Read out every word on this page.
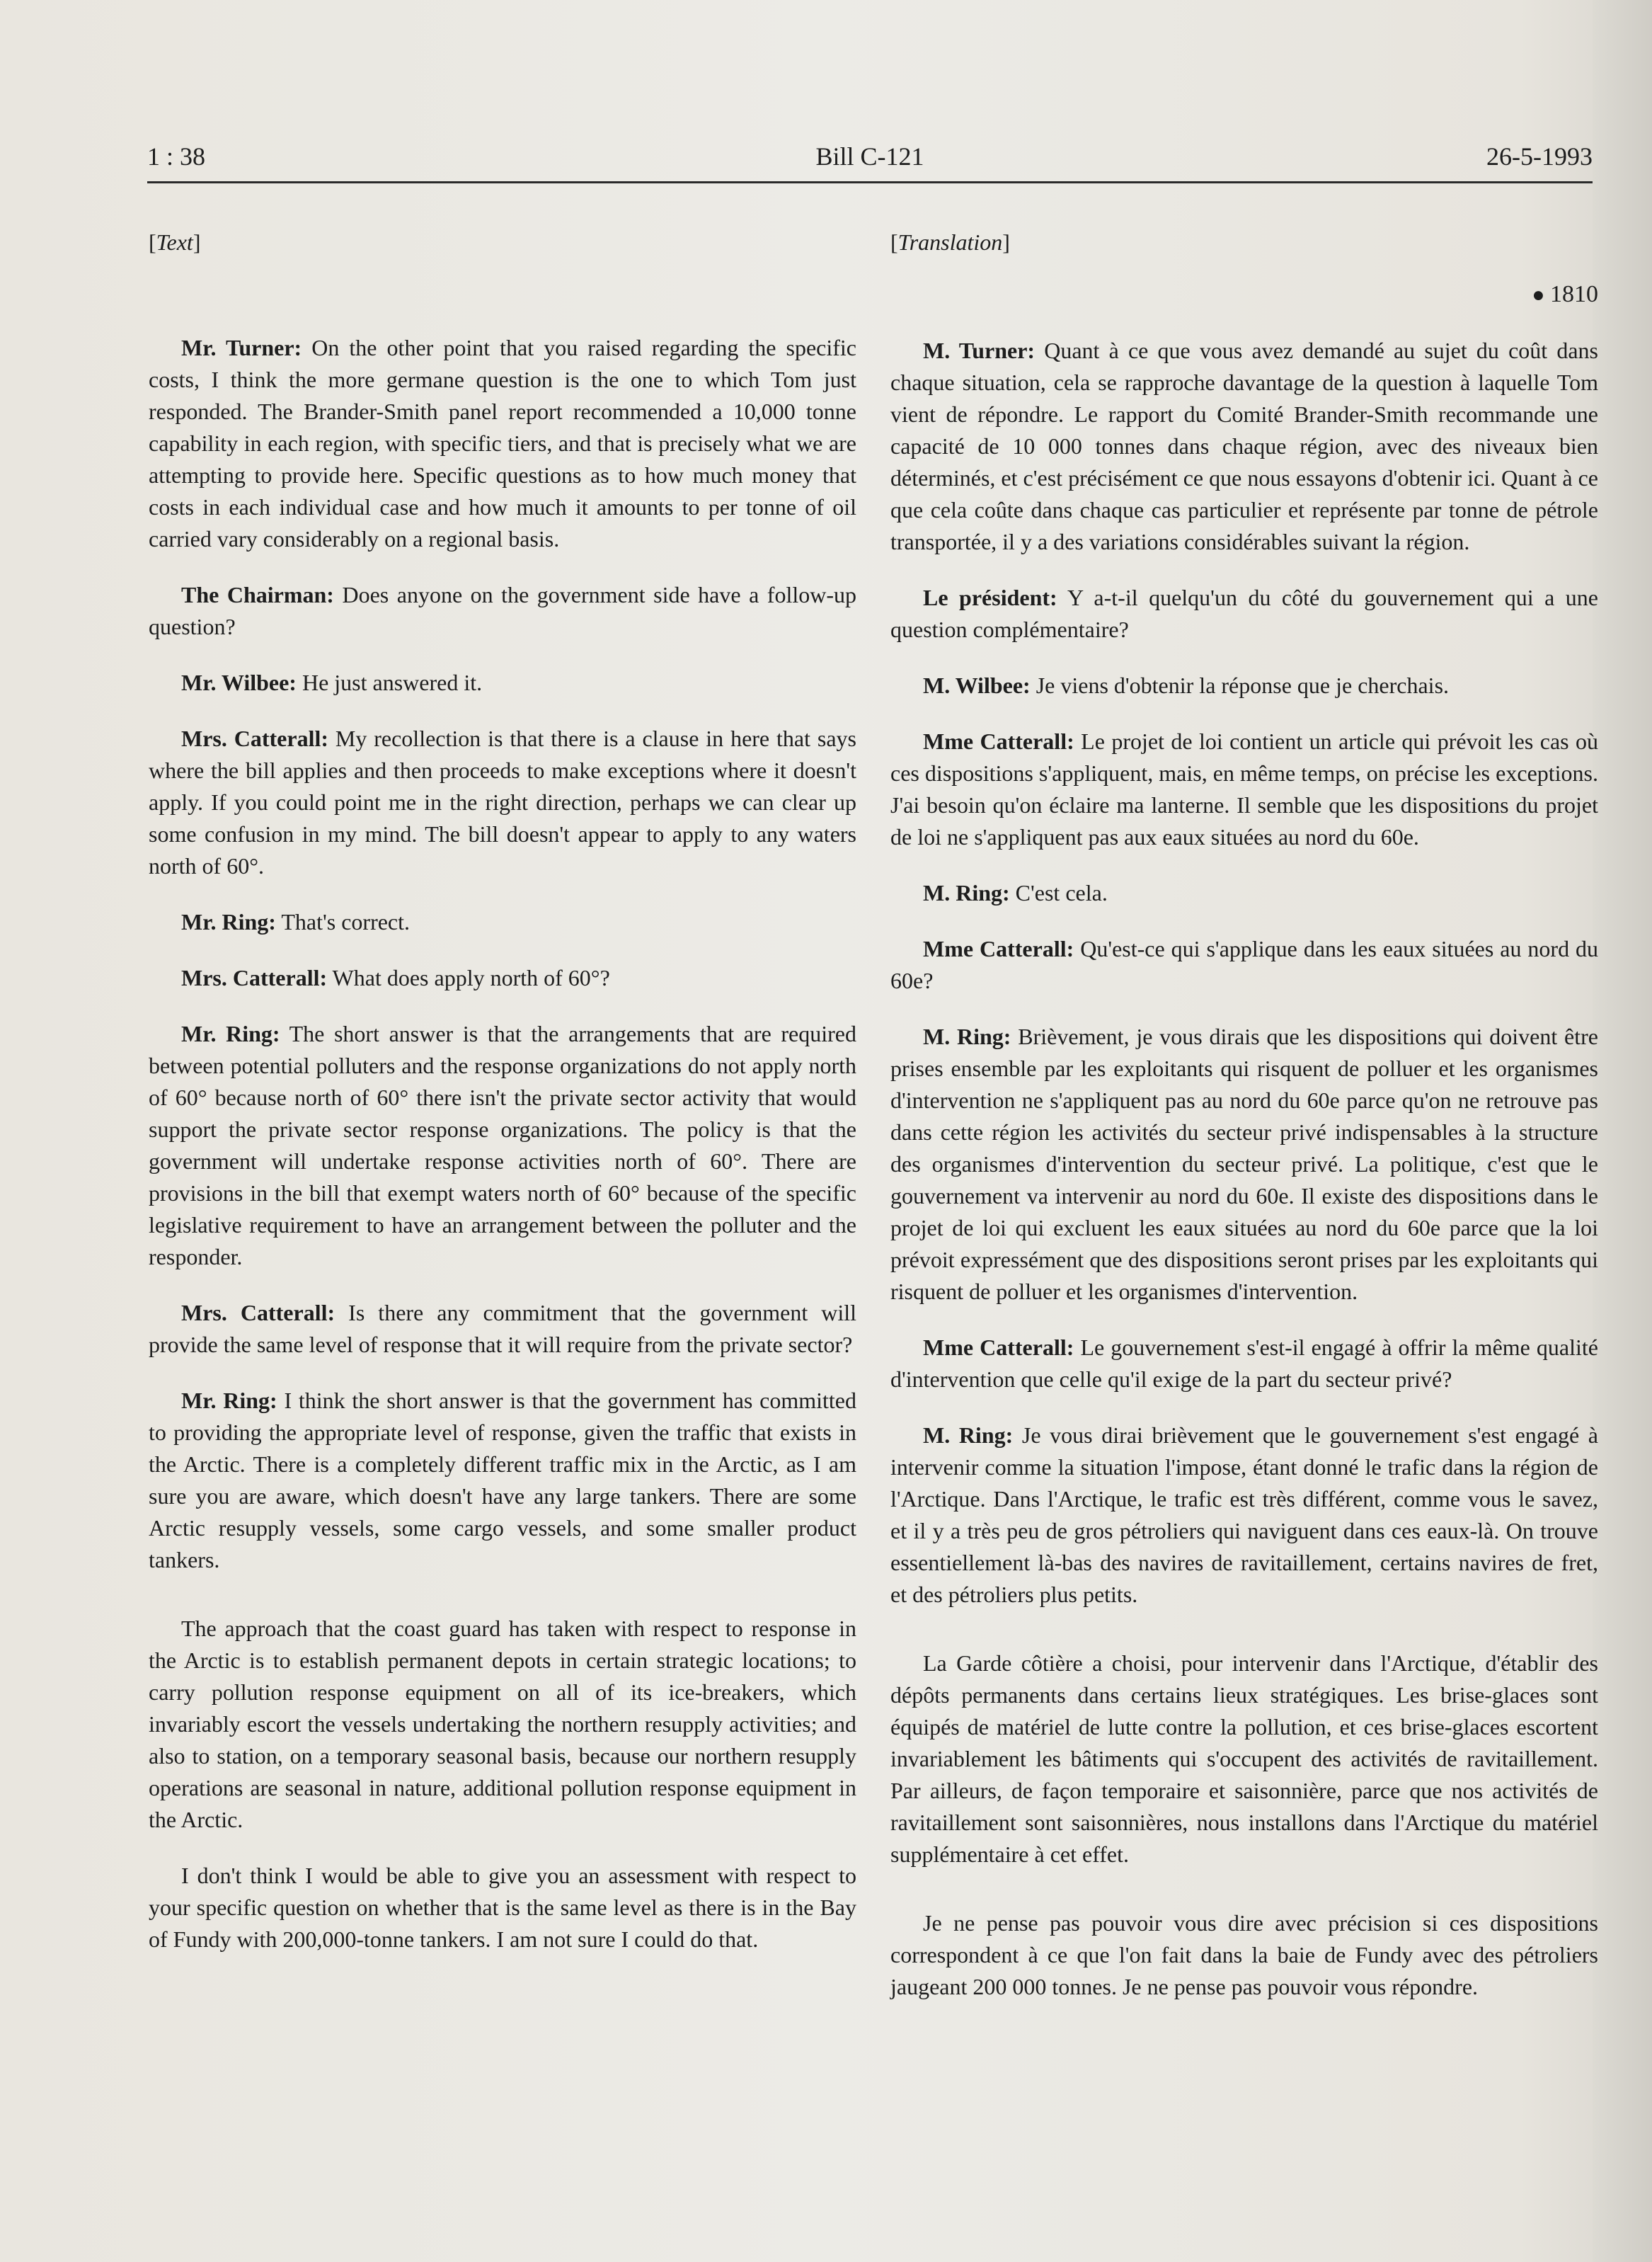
1 : 38	Bill C-121	26-5-1993
[Text]

Mr. Turner: On the other point that you raised regarding the specific costs, I think the more germane question is the one to which Tom just responded. The Brander-Smith panel report recommended a 10,000 tonne capability in each region, with specific tiers, and that is precisely what we are attempting to provide here. Specific questions as to how much money that costs in each individual case and how much it amounts to per tonne of oil carried vary considerably on a regional basis.

The Chairman: Does anyone on the government side have a follow-up question?

Mr. Wilbee: He just answered it.

Mrs. Catterall: My recollection is that there is a clause in here that says where the bill applies and then proceeds to make exceptions where it doesn't apply. If you could point me in the right direction, perhaps we can clear up some confusion in my mind. The bill doesn't appear to apply to any waters north of 60°.

Mr. Ring: That's correct.

Mrs. Catterall: What does apply north of 60°?

Mr. Ring: The short answer is that the arrangements that are required between potential polluters and the response organizations do not apply north of 60° because north of 60° there isn't the private sector activity that would support the private sector response organizations. The policy is that the government will undertake response activities north of 60°. There are provisions in the bill that exempt waters north of 60° because of the specific legislative requirement to have an arrangement between the polluter and the responder.

Mrs. Catterall: Is there any commitment that the government will provide the same level of response that it will require from the private sector?

Mr. Ring: I think the short answer is that the government has committed to providing the appropriate level of response, given the traffic that exists in the Arctic. There is a completely different traffic mix in the Arctic, as I am sure you are aware, which doesn't have any large tankers. There are some Arctic resupply vessels, some cargo vessels, and some smaller product tankers.

The approach that the coast guard has taken with respect to response in the Arctic is to establish permanent depots in certain strategic locations; to carry pollution response equipment on all of its ice-breakers, which invariably escort the vessels undertaking the northern resupply activities; and also to station, on a temporary seasonal basis, because our northern resupply operations are seasonal in nature, additional pollution response equipment in the Arctic.

I don't think I would be able to give you an assessment with respect to your specific question on whether that is the same level as there is in the Bay of Fundy with 200,000-tonne tankers. I am not sure I could do that.

[Translation]
● 1810

M. Turner: Quant à ce que vous avez demandé au sujet du coût dans chaque situation, cela se rapproche davantage de la question à laquelle Tom vient de répondre. Le rapport du Comité Brander-Smith recommande une capacité de 10 000 tonnes dans chaque région, avec des niveaux bien déterminés, et c'est précisément ce que nous essayons d'obtenir ici. Quant à ce que cela coûte dans chaque cas particulier et représente par tonne de pétrole transportée, il y a des variations considérables suivant la région.

Le président: Y a-t-il quelqu'un du côté du gouvernement qui a une question complémentaire?

M. Wilbee: Je viens d'obtenir la réponse que je cherchais.

Mme Catterall: Le projet de loi contient un article qui prévoit les cas où ces dispositions s'appliquent, mais, en même temps, on précise les exceptions. J'ai besoin qu'on éclaire ma lanterne. Il semble que les dispositions du projet de loi ne s'appliquent pas aux eaux situées au nord du 60e.

M. Ring: C'est cela.

Mme Catterall: Qu'est-ce qui s'applique dans les eaux situées au nord du 60e?

M. Ring: Brièvement, je vous dirais que les dispositions qui doivent être prises ensemble par les exploitants qui risquent de polluer et les organismes d'intervention ne s'appliquent pas au nord du 60e parce qu'on ne retrouve pas dans cette région les activités du secteur privé indispensables à la structure des organismes d'intervention du secteur privé. La politique, c'est que le gouvernement va intervenir au nord du 60e. Il existe des dispositions dans le projet de loi qui excluent les eaux situées au nord du 60e parce que la loi prévoit expressément que des dispositions seront prises par les exploitants qui risquent de polluer et les organismes d'intervention.

Mme Catterall: Le gouvernement s'est-il engagé à offrir la même qualité d'intervention que celle qu'il exige de la part du secteur privé?

M. Ring: Je vous dirai brièvement que le gouvernement s'est engagé à intervenir comme la situation l'impose, étant donné le trafic dans la région de l'Arctique. Dans l'Arctique, le trafic est très différent, comme vous le savez, et il y a très peu de gros pétroliers qui naviguent dans ces eaux-là. On trouve essentiellement là-bas des navires de ravitaillement, certains navires de fret, et des pétroliers plus petits.

La Garde côtière a choisi, pour intervenir dans l'Arctique, d'établir des dépôts permanents dans certains lieux stratégiques. Les brise-glaces sont équipés de matériel de lutte contre la pollution, et ces brise-glaces escortent invariablement les bâtiments qui s'occupent des activités de ravitaillement. Par ailleurs, de façon temporaire et saisonnière, parce que nos activités de ravitaillement sont saisonnières, nous installons dans l'Arctique du matériel supplémentaire à cet effet.

Je ne pense pas pouvoir vous dire avec précision si ces dispositions correspondent à ce que l'on fait dans la baie de Fundy avec des pétroliers jaugeant 200 000 tonnes. Je ne pense pas pouvoir vous répondre.
